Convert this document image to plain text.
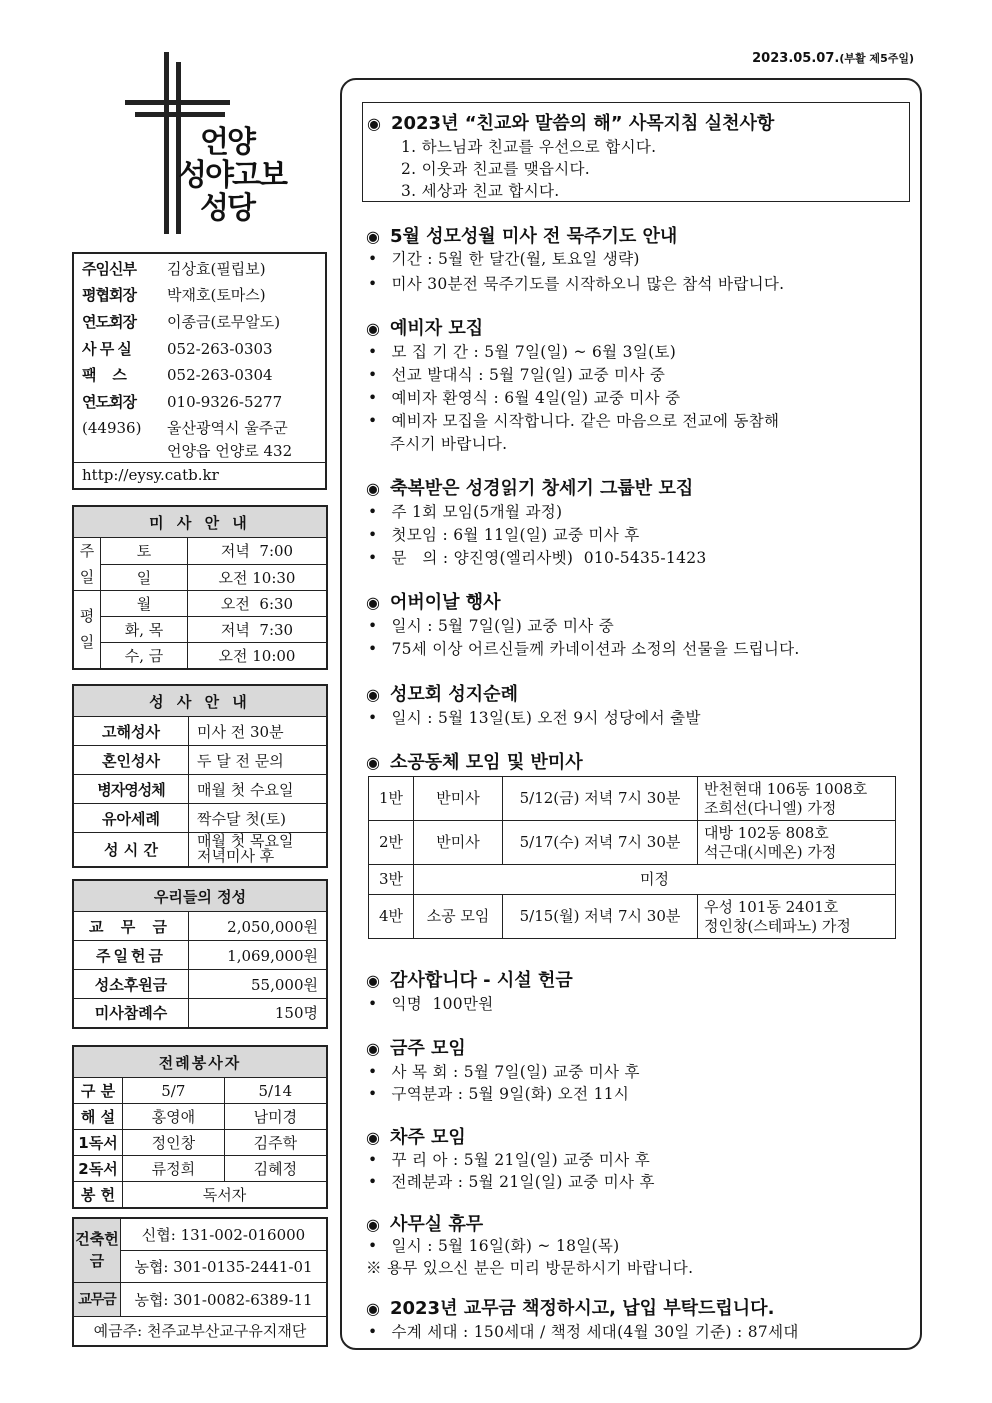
2023.05.07.(부활 제5주일)
언양
성야고보
성당
주임신부 김상효(필립보)
평협회장 박재호(토마스)
연도회장 이종금(로무알도)
사 무 실 052-263-0303
팩    스	052-263-0304
연도회장 010-9326-5277
(44936) 울산광역시 울주군
언양읍 언양로 432
http://eysy.catb.kr
미 사 안 내		
주
일	토	저녁  7:00
	일	오전 10:30
평
일	월	오전  6:30
	화, 목	저녁  7:30
	수, 금	오전 10:00
성 사 안 내	
고해성사	미사 전 30분
혼인성사	두 달 전 문의
병자영성체	매월 첫 수요일
유아세례	짝수달 첫(토)
성 시 간	매월 첫 목요일
저녁미사 후
우리들의 정성	
교 무 금	2,050,000원
주일헌금	1,069,000원
성소후원금	55,000원
미사참례수	150명
전례봉사자		
구 분	5/7	5/14
해 설	홍영애	남미경
1독서	정인창	김주학
2독서	류정희	김혜정
봉 헌	독서자	
건축헌금	신협: 131-002-016000
	농협: 301-0135-2441-01
교무금	농협: 301-0082-6389-11
예금주: 천주교부산교구유지재단	
◉ 2023년 “친교와 말씀의 해” 사목지침 실천사항
1. 하느님과 친교를 우선으로 합시다.
2. 이웃과 친교를 맺읍시다.
3. 세상과 친교 합시다.
◉ 5월 성모성월 미사 전 묵주기도 안내
• 기간 : 5월 한 달간(월, 토요일 생략)
• 미사 30분전 묵주기도를 시작하오니 많은 참석 바랍니다.
◉ 예비자 모집
• 모 집 기 간 : 5월 7일(일) ~ 6월 3일(토)
• 선교 발대식 : 5월 7일(일) 교중 미사 중
• 예비자 환영식 : 6월 4일(일) 교중 미사 중
• 예비자 모집을 시작합니다. 같은 마음으로 전교에 동참해
주시기 바랍니다.
◉ 축복받은 성경읽기 창세기 그룹반 모집
• 주 1회 모임(5개월 과정)
• 첫모임 : 6월 11일(일) 교중 미사 후
• 문   의 : 양진영(엘리사벳)  010-5435-1423
◉ 어버이날 행사
• 일시 : 5월 7일(일) 교중 미사 중
• 75세 이상 어르신들께 카네이션과 소정의 선물을 드립니다.
◉ 성모회 성지순례
• 일시 : 5월 13일(토) 오전 9시 성당에서 출발
◉ 소공동체 모임 및 반미사
1반	반미사	5/12(금) 저녁 7시 30분	반천현대 106동 1008호
조희선(다니엘) 가정

2반	반미사	5/17(수) 저녁 7시 30분	대방 102동 808호
석근대(시메온) 가정

3반	미정		
4반	소공 모임	5/15(월) 저녁 7시 30분	우성 101동 2401호
정인창(스테파노) 가정
◉ 감사합니다 - 시설 헌금
• 익명  100만원
◉ 금주 모임
• 사 목 회 : 5월 7일(일) 교중 미사 후
• 구역분과 : 5월 9일(화) 오전 11시
◉ 차주 모임
• 꾸 리 아 : 5월 21일(일) 교중 미사 후
• 전례분과 : 5월 21일(일) 교중 미사 후
◉ 사무실 휴무
• 일시 : 5월 16일(화) ~ 18일(목)
※ 용무 있으신 분은 미리 방문하시기 바랍니다.
◉ 2023년 교무금 책정하시고, 납입 부탁드립니다.
• 수계 세대 : 150세대 / 책정 세대(4월 30일 기준) : 87세대
